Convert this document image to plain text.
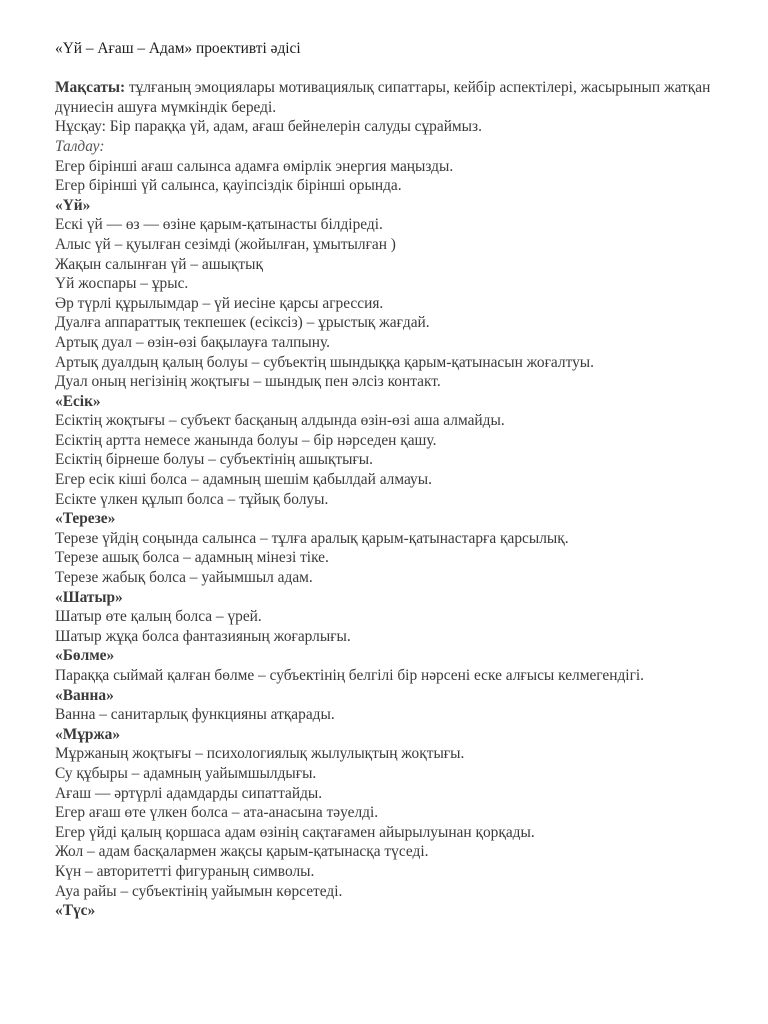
«Үй – Ағаш – Адам» проективті әдісі

Мақсаты: тұлғаның эмоциялары мотивациялық сипаттары, кейбір аспектілері, жасырынып жатқан дүниесін ашуға мүмкіндік береді.

Нұсқау: Бір параққа үй, адам, ағаш бейнелерін салуды сұраймыз.

Талдау:

Егер бірінші ағаш салынса адамға өмірлік энергия маңызды.

Егер бірінші үй салынса, қауіпсіздік бірінші орында.

«Үй»

Ескі үй — өз — өзіне қарым-қатынасты білдіреді.

Алыс үй – қуылған сезімді (жойылған, ұмытылған )

Жақын салынған үй – ашықтық

Үй жоспары – ұрыс.

Әр түрлі құрылымдар – үй иесіне қарсы агрессия.

Дуалға аппараттық текпешек (есіксіз) – ұрыстық жағдай.

Артық дуал – өзін-өзі бақылауға талпыну.

Артық дуалдың қалың болуы – субъектің шындыққа қарым-қатынасын жоғалтуы.

Дуал оның негізінің жоқтығы – шындық пен әлсіз контакт.

«Есік»

Есіктің жоқтығы – субъект басқаның алдында өзін-өзі аша алмайды.

Есіктің артта немесе жанында болуы – бір нәрседен қашу.

Есіктің бірнеше болуы – субъектінің ашықтығы.

Егер есік кіші болса – адамның шешім қабылдай алмауы.

Есікте үлкен құлып болса – тұйық болуы.

«Терезе»

Терезе үйдің соңында салынса – тұлға аралық қарым-қатынастарға қарсылық.

Терезе ашық болса – адамның мінезі тіке.

Терезе жабық болса – уайымшыл адам.

«Шатыр»

Шатыр өте қалың болса – үрей.

Шатыр жұқа болса фантазияның жоғарлығы.

«Бөлме»

Параққа сыймай қалған бөлме – субъектінің белгілі бір нәрсені еске алғысы келмегендігі.

«Ванна»

Ванна – санитарлық функцияны атқарады.

«Мұржа»

Мұржаның жоқтығы – психологиялық жылулықтың жоқтығы.

Су құбыры – адамның уайымшылдығы.

Ағаш — әртүрлі адамдарды сипаттайды.

Егер ағаш өте үлкен болса – ата-анасына тәуелді.

Егер үйді қалың қоршаса адам өзінің сақтағамен айырылуынан қорқады.

Жол – адам басқалармен жақсы қарым-қатынасқа түседі.

Күн – авторитетті фигураның символы.

Ауа райы – субъектінің уайымын көрсетеді.

«Түс»
